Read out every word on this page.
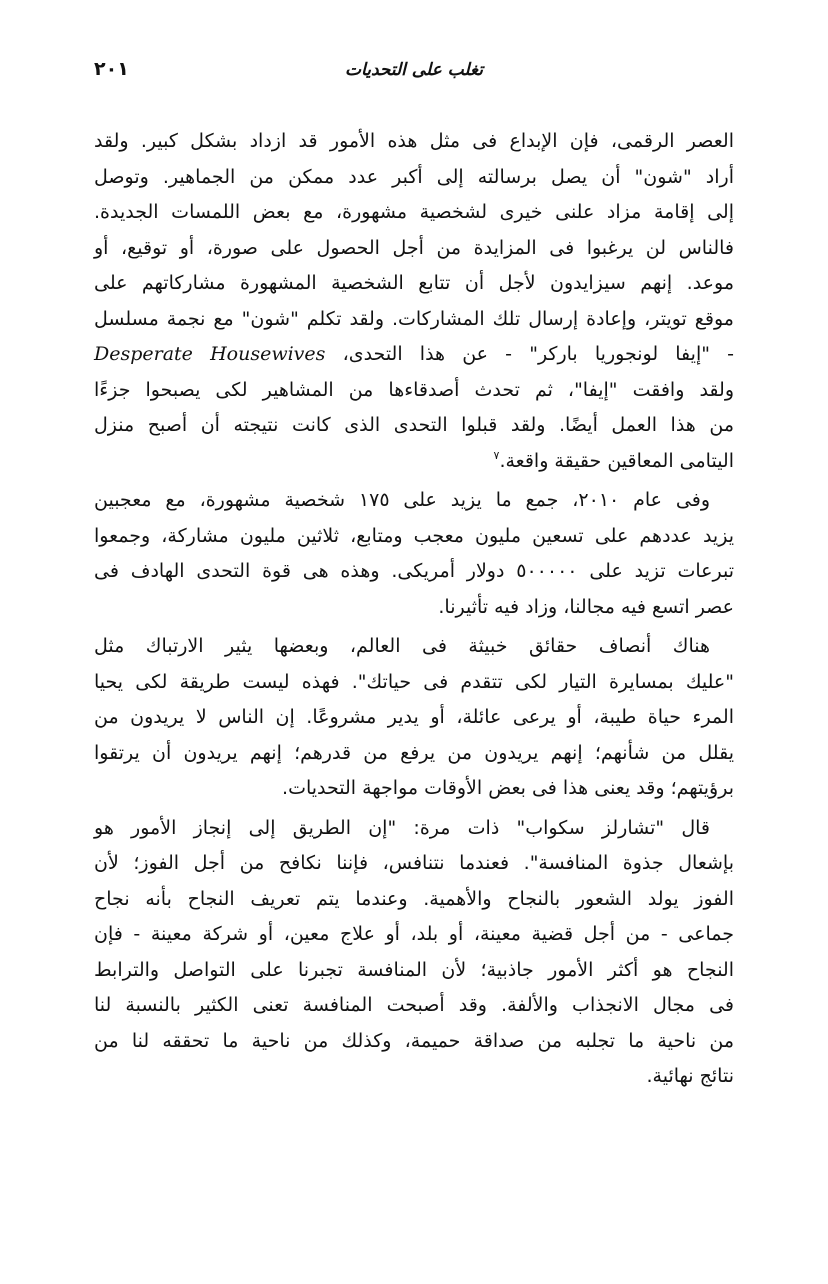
٢٠١	تغلب على التحديات
العصر الرقمى، فإن الإبداع فى مثل هذه الأمور قد ازداد بشكل كبير. ولقد
أراد "شون" أن يصل برسالته إلى أكبر عدد ممكن من الجماهير. وتوصل
إلى إقامة مزاد علنى خيرى لشخصية مشهورة، مع بعض اللمسات الجديدة.
فالناس لن يرغبوا فى المزايدة من أجل الحصول على صورة، أو توقيع، أو
موعد. إنهم سيزايدون لأجل أن تتابع الشخصية المشهورة مشاركاتهم على
موقع تويتر، وإعادة إرسال تلك المشاركات. ولقد تكلم "شون" مع نجمة مسلسل
- "إيفا لونجوريا باركر" - عن هذا التحدى، Desperate Housewives
ولقد وافقت "إيفا"، ثم تحدث أصدقاءها من المشاهير لكى يصبحوا جزءًا
من هذا العمل أيضًا. ولقد قبلوا التحدى الذى كانت نتيجته أن أصبح منزل
اليتامى المعاقين حقيقة واقعة.$^٧$
وفى عام ٢٠١٠، جمع ما يزيد على ١٧٥ شخصية مشهورة، مع معجبين
يزيد عددهم على تسعين مليون معجب ومتابع، ثلاثين مليون مشاركة، وجمعوا
تبرعات تزيد على ٥٠٠٠٠٠ دولار أمريكى. وهذه هى قوة التحدى الهادف فى
عصر اتسع فيه مجالنا، وزاد فيه تأثيرنا.
هناك أنصاف حقائق خبيثة فى العالم، وبعضها يثير الارتباك مثل
"عليك بمسايرة التيار لكى تتقدم فى حياتك". فهذه ليست طريقة لكى يحيا
المرء حياة طيبة، أو يرعى عائلة، أو يدير مشروعًا. إن الناس لا يريدون من
يقلل من شأنهم؛ إنهم يريدون من يرفع من قدرهم؛ إنهم يريدون أن يرتقوا
برؤيتهم؛ وقد يعنى هذا فى بعض الأوقات مواجهة التحديات.
قال "تشارلز سكواب" ذات مرة: "إن الطريق إلى إنجاز الأمور هو
بإشعال جذوة المنافسة". فعندما نتنافس، فإننا نكافح من أجل الفوز؛ لأن
الفوز يولد الشعور بالنجاح والأهمية. وعندما يتم تعريف النجاح بأنه نجاح
جماعى - من أجل قضية معينة، أو بلد، أو علاج معين، أو شركة معينة - فإن
النجاح هو أكثر الأمور جاذبية؛ لأن المنافسة تجبرنا على التواصل والترابط
فى مجال الانجذاب والألفة. وقد أصبحت المنافسة تعنى الكثير بالنسبة لنا
من ناحية ما تجلبه من صداقة حميمة، وكذلك من ناحية ما تحققه لنا من
نتائج نهائية.
